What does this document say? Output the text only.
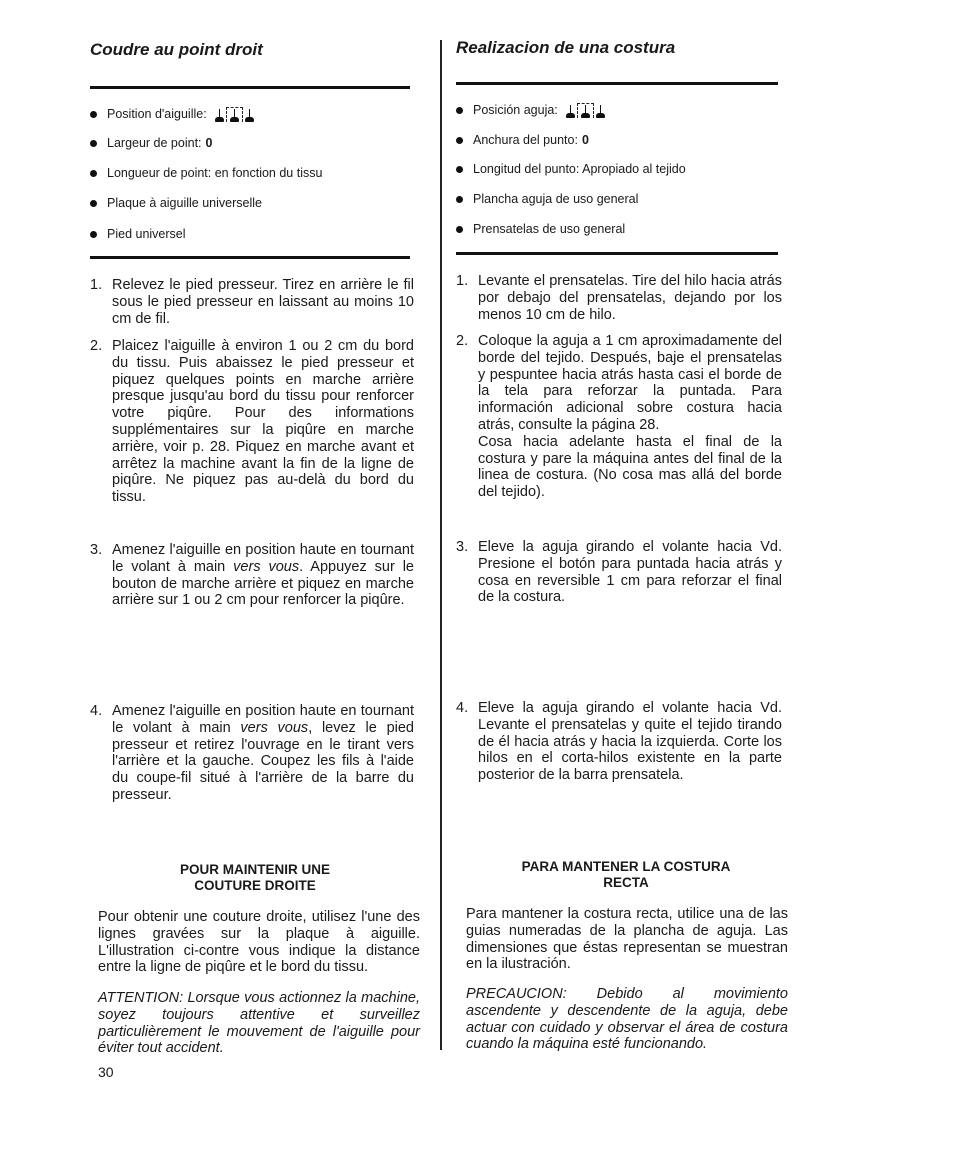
Coudre au point droit
Position d'aiguille:
Largeur de point: 0
Longueur de point: en fonction du tissu
Plaque à aiguille universelle
Pied universel
1. Relevez le pied presseur. Tirez en arrière le fil sous le pied presseur en laissant au moins 10 cm de fil.

2. Plaicez l'aiguille à environ 1 ou 2 cm du bord du tissu. Puis abaissez le pied presseur et piquez quelques points en marche arrière presque jusqu'au bord du tissu pour renforcer votre piqûre. Pour des informations supplémentaires sur la piqûre en marche arrière, voir p. 28. Piquez en marche avant et arrêtez la machine avant la fin de la ligne de piqûre. Ne piquez pas au-delà du bord du tissu.

3. Amenez l'aiguille en position haute en tournant le volant à main vers vous. Appuyez sur le bouton de marche arrière et piquez en marche arrière sur 1 ou 2 cm pour renforcer la piqûre.

4. Amenez l'aiguille en position haute en tournant le volant à main vers vous, levez le pied presseur et retirez l'ouvrage en le tirant vers l'arrière et la gauche. Coupez les fils à l'aide du coupe-fil situé à l'arrière de la barre du presseur.

POUR MAINTENIR UNE
COUTURE DROITE
Pour obtenir une couture droite, utilisez l'une des lignes gravées sur la plaque à aiguille. L'illustration ci-contre vous indique la distance entre la ligne de piqûre et le bord du tissu.
ATTENTION: Lorsque vous actionnez la machine, soyez toujours attentive et surveillez particulièrement le mouvement de l'aiguille pour éviter tout accident.
Realizacion de una costura
Posición aguja:
Anchura del punto: 0
Longitud del punto: Apropiado al tejido
Plancha aguja de uso general
Prensatelas de uso general
1. Levante el prensatelas. Tire del hilo hacia atrás por debajo del prensatelas, dejando por los menos 10 cm de hilo.

2. Coloque la aguja a 1 cm aproximadamente del borde del tejido. Después, baje el prensatelas y pespuntee hacia atrás hasta casi el borde de la tela para reforzar la puntada. Para información adicional sobre costura hacia atrás, consulte la página 28.

Cosa hacia adelante hasta el final de la costura y pare la máquina antes del final de la linea de costura. (No cosa mas allá del borde del tejido).

3. Eleve la aguja girando el volante hacia Vd. Presione el botón para puntada hacia atrás y cosa en reversible 1 cm para reforzar el final de la costura.

4. Eleve la aguja girando el volante hacia Vd. Levante el prensatelas y quite el tejido tirando de él hacia atrás y hacia la izquierda. Corte los hilos en el corta-hilos existente en la parte posterior de la barra prensatela.

PARA MANTENER LA COSTURA
RECTA
Para mantener la costura recta, utilice una de las guias numeradas de la plancha de aguja. Las dimensiones que éstas representan se muestran en la ilustración.
PRECAUCION: Debido al movimiento ascendente y descendente de la aguja, debe actuar con cuidado y observar el área de costura cuando la máquina esté funcionando.
30
